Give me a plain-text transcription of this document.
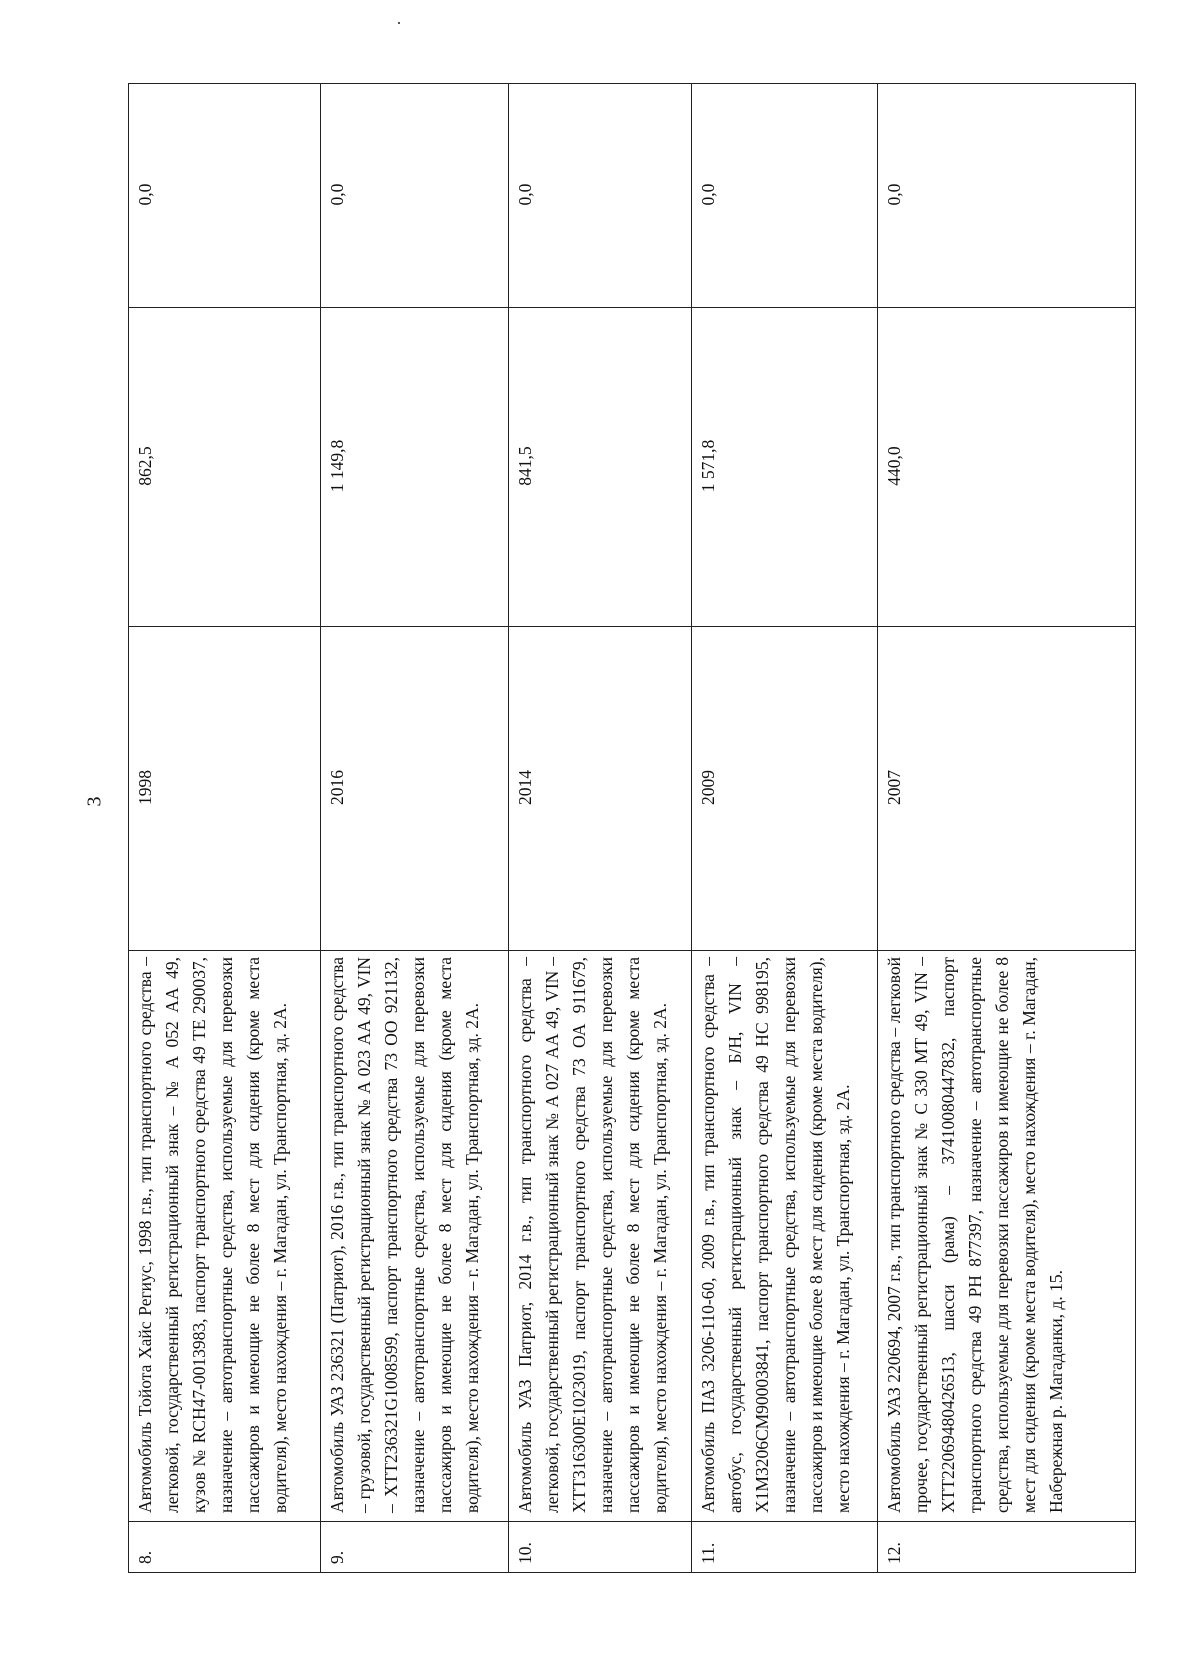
3
8.	Автомобиль Тойота Хайс Региус, 1998 г.в., тип транспортного средства – легковой, государственный регистрационный знак – № А 052 АА 49, кузов № RCH47-0013983, паспорт транспортного средства 49 ТЕ 290037, назначение – автотранспортные средства, используемые для перевозки пассажиров и имеющие не более 8 мест для сидения (кроме места водителя), место нахождения – г. Магадан, ул. Транспортная, зд. 2А.	1998	862,5	0,0
9.	Автомобиль УАЗ 236321 (Патриот), 2016 г.в., тип транспортного средства – грузовой, государственный регистрационный знак № А 023 АА 49, VIN – ХТТ236321G1008599, паспорт транспортного средства 73 ОО 921132, назначение – автотранспортные средства, используемые для перевозки пассажиров и имеющие не более 8 мест для сидения (кроме места водителя), место нахождения – г. Магадан, ул. Транспортная, зд. 2А.	2016	1 149,8	0,0
10.	Автомобиль УАЗ Патриот, 2014 г.в., тип транспортного средства – легковой, государственный регистрационный знак № А 027 АА 49, VIN – ХТТ316300Е1023019, паспорт транспортного средства 73 ОА 911679, назначение – автотранспортные средства, используемые для перевозки пассажиров и имеющие не более 8 мест для сидения (кроме места водителя), место нахождения – г. Магадан, ул. Транспортная, зд. 2А.	2014	841,5	0,0
11.	Автомобиль ПАЗ 3206-110-60, 2009 г.в., тип транспортного средства – автобус, государственный регистрационный знак – Б/Н, VIN – Х1М3206СМ90003841, паспорт транспортного средства 49 НС 998195, назначение – автотранспортные средства, используемые для перевозки пассажиров и имеющие более 8 мест для сидения (кроме места водителя), место нахождения – г. Магадан, ул. Транспортная, зд. 2А.	2009	1 571,8	0,0
12.	Автомобиль УАЗ 220694, 2007 г.в., тип транспортного средства – легковой прочее, государственный регистрационный знак № С 330 МТ 49, VIN – ХТТ22069480426513, шасси (рама) – 37410080447832, паспорт транспортного средства 49 РН 877397, назначение – автотранспортные средства, используемые для перевозки пассажиров и имеющие не более 8 мест для сидения (кроме места водителя), место нахождения – г. Магадан, Набережная р. Магаданки, д. 15.	2007	440,0	0,0
